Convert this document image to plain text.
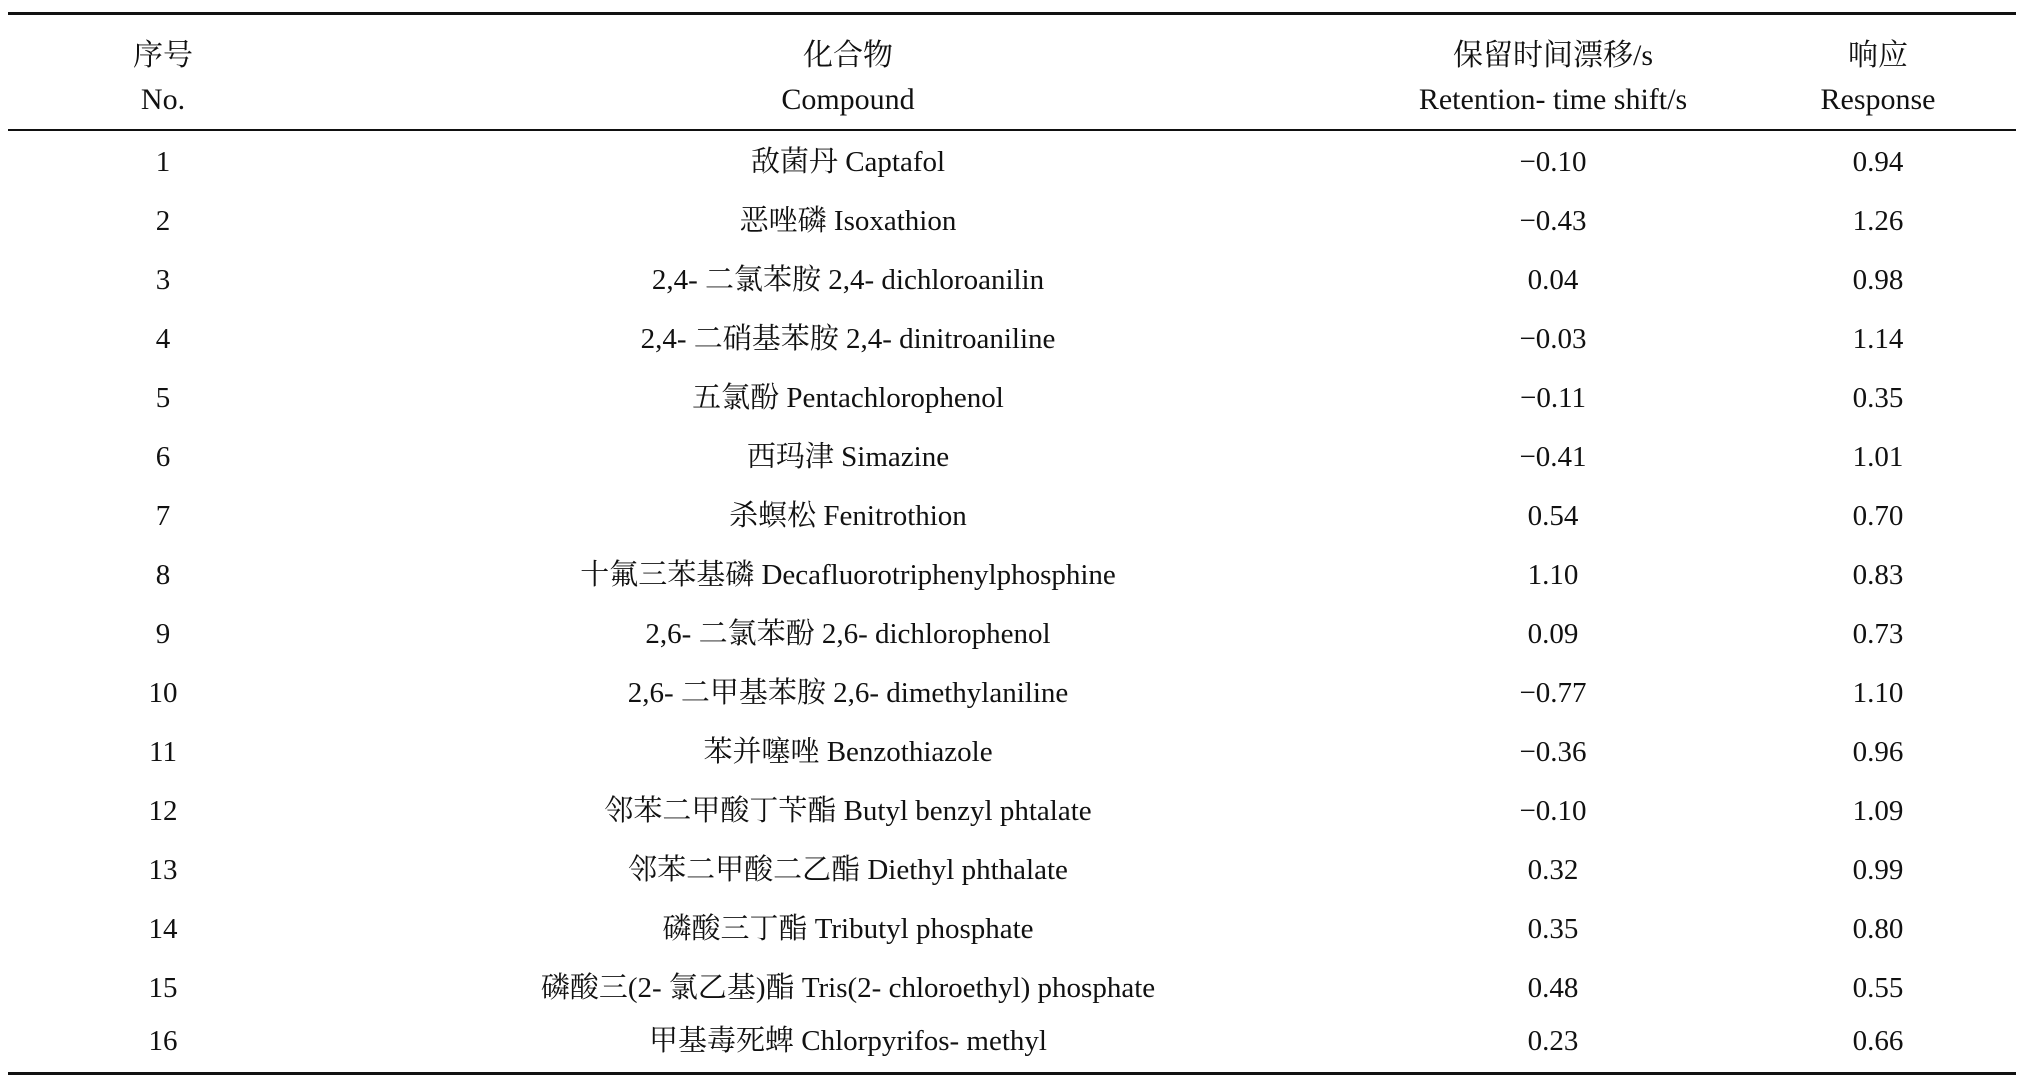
序号	化合物	保留时间漂移/s	响应
No.	Compound	Retention- time shift/s	Response
1	敌菌丹 Captafol	−0.10	0.94
2	恶唑磷 Isoxathion	−0.43	1.26
3	2,4- 二氯苯胺 2,4- dichloroanilin	0.04	0.98
4	2,4- 二硝基苯胺 2,4- dinitroaniline	−0.03	1.14
5	五氯酚 Pentachlorophenol	−0.11	0.35
6	西玛津 Simazine	−0.41	1.01
7	杀螟松 Fenitrothion	0.54	0.70
8	十氟三苯基磷 Decafluorotriphenylphosphine	1.10	0.83
9	2,6- 二氯苯酚 2,6- dichlorophenol	0.09	0.73
10	2,6- 二甲基苯胺 2,6- dimethylaniline	−0.77	1.10
11	苯并噻唑 Benzothiazole	−0.36	0.96
12	邻苯二甲酸丁苄酯 Butyl benzyl phtalate	−0.10	1.09
13	邻苯二甲酸二乙酯 Diethyl phthalate	0.32	0.99
14	磷酸三丁酯 Tributyl phosphate	0.35	0.80
15	磷酸三(2- 氯乙基)酯 Tris(2- chloroethyl) phosphate	0.48	0.55
16	甲基毒死蜱 Chlorpyrifos- methyl	0.23	0.66
